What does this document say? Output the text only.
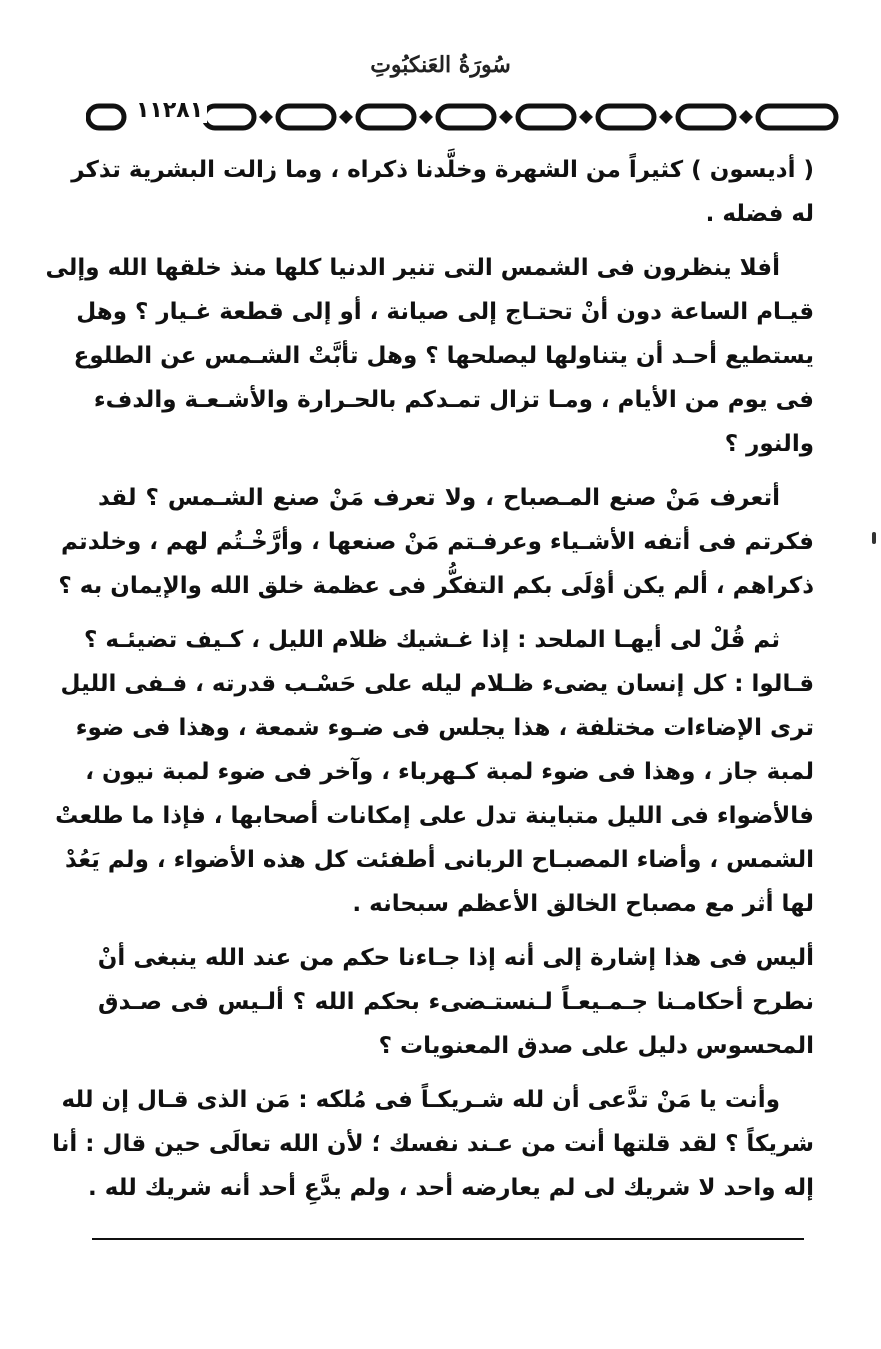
سُورَةُ العَنكبُوتِ
١١٢٨١

( أديسون ) كثيراً من الشهرة وخلَّدنا ذكراه ، وما زالت البشرية تذكر
له فضله .

أفلا ينظرون فى الشمس التى تنير الدنيا كلها منذ خلقها الله وإلى
قيـام الساعة دون أنْ تحتـاج إلى صيانة ، أو إلى قطعة غـيار ؟ وهل
يستطيع أحـد أن يتناولها ليصلحها ؟ وهل تأبَّتْ الشـمس عن الطلوع
فى يوم من الأيام ، ومـا تزال تمـدكم بالحـرارة والأشـعـة والدفء
والنور ؟

أتعرف مَنْ صنع المـصباح ، ولا تعرف مَنْ صنع الشـمس ؟ لقد
فكرتم فى أتفه الأشـياء وعرفـتم مَنْ صنعها ، وأرَّخْـتُم لهم ، وخلدتم
ذكراهم ، ألم يكن أوْلَى بكم التفكُّر فى عظمة خلق الله والإيمان به ؟

ثم قُلْ لى أيهـا الملحد : إذا غـشيك ظلام الليل ، كـيف تضيئـه ؟
قـالوا : كل إنسان يضىء ظـلام ليله على حَسْـب قدرته ، فـفى الليل
ترى الإضاءات مختلفة ، هذا يجلس فى ضـوء شمعة ، وهذا فى ضوء
لمبة جاز ، وهذا فى ضوء لمبة كـهرباء ، وآخر فى ضوء لمبة نيون ،
فالأضواء فى الليل متباينة تدل على إمكانات أصحابها ، فإذا ما طلعتْ
الشمس ، وأضاء المصبـاح الربانى أطفئت كل هذه الأضواء ، ولم يَعُدْ
لها أثر مع مصباح الخالق الأعظم سبحانه .

أليس فى هذا إشارة إلى أنه إذا جـاءنا حكم من عند الله ينبغى أنْ
نطرح أحكامـنا جـمـيعـاً لـنستـضىء بحكم الله ؟ ألـيس فى صـدق
المحسوس دليل على صدق المعنويات ؟

وأنت يا مَنْ تدَّعى أن لله شـريكـاً فى مُلكه : مَن الذى قـال إن لله
شريكاً ؟ لقد قلتها أنت من عـند نفسك ؛ لأن الله تعالَى حين قال : أنا
إله واحد لا شريك لى لم يعارضه أحد ، ولم يدَّعِ أحد أنه شريك لله .
